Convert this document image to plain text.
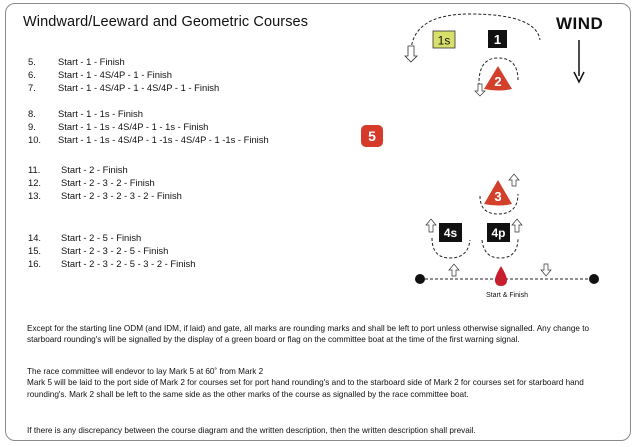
Windward/Leeward and Geometric Courses
5. Start - 1 - Finish
6. Start - 1 - 4S/4P - 1 - Finish
7. Start - 1 - 4S/4P - 1 - 4S/4P - 1 - Finish
8. Start - 1 - 1s - Finish
9. Start - 1 - 1s - 4S/4P - 1 - 1s - Finish
10. Start - 1 - 1s - 4S/4P - 1 -1s - 4S/4P - 1 -1s - Finish
11. Start - 2 - Finish
12. Start - 2 - 3 - 2 - Finish
13. Start - 2 - 3 - 2 - 3 - 2 - Finish
14. Start - 2 - 5 - Finish
15. Start - 2 - 3 - 2 - 5 - Finish
16. Start - 2 - 3 - 2 - 5 - 3 - 2 - Finish
WIND
1s	1
2
5
3
4s	4p
Start & Finish
Except for the starting line ODM (and IDM, if laid) and gate, all marks are rounding marks and shall be left to port unless otherwise signalled. Any change to starboard rounding's will be signalled by the display of a green board or flag on the committee boat at the time of the first warning signal.
The race committee will endevor to lay Mark 5 at 60˚ from Mark 2
Mark 5 will be laid to the port side of Mark 2 for courses set for port hand rounding's and to the starboard side of Mark 2 for courses set for starboard hand rounding's. Mark 2 shall be left to the same side as the other marks of the course as signalled by the race committee boat.
If there is any discrepancy between the course diagram and the written description, then the written description shall prevail.
